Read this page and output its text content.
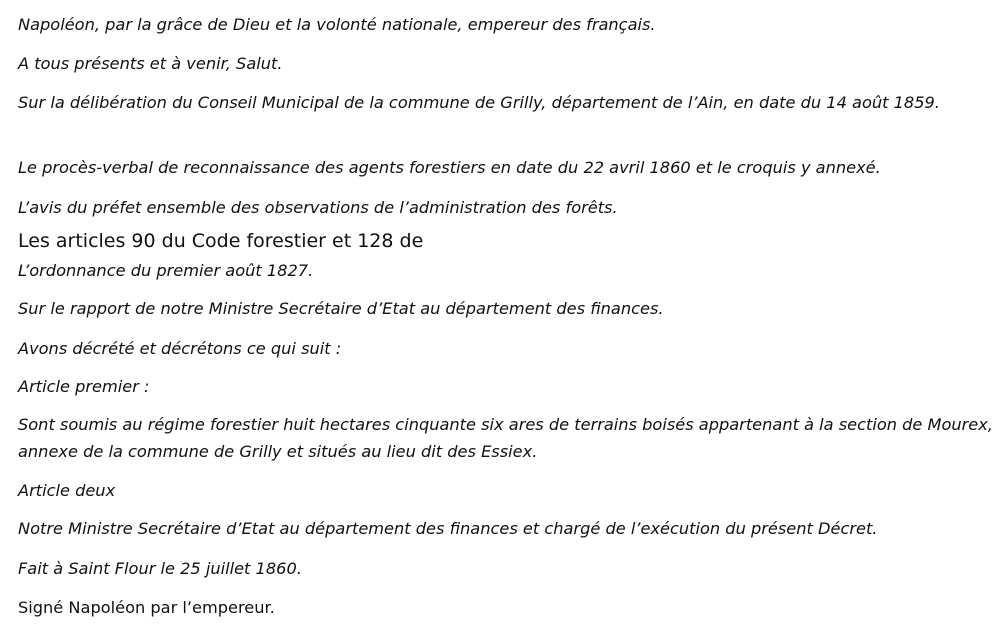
Napoléon, par la grâce de Dieu et la volonté nationale, empereur des français.

A tous présents et à venir, Salut.

Sur la délibération du Conseil Municipal de la commune de Grilly, département de l’Ain, en date du 14 août 1859.

Le procès-verbal de reconnaissance des agents forestiers en date du 22 avril 1860 et le croquis y annexé.

L’avis du préfet ensemble des observations de l’administration des forêts.

Les articles 90 du Code forestier et 128 de

L’ordonnance du premier août 1827.

Sur le rapport de notre Ministre Secrétaire d’Etat au département des finances.

Avons décrété et décrétons ce qui suit :

Article premier :

Sont soumis au régime forestier huit hectares cinquante six ares de terrains boisés appartenant à la section de Mourex, annexe de la commune de Grilly et situés au lieu dit des Essiex.

Article deux

Notre Ministre Secrétaire d’Etat au département des finances et chargé de l’exécution du présent Décret.

Fait à Saint Flour le 25 juillet 1860.

Signé Napoléon par l’empereur.
